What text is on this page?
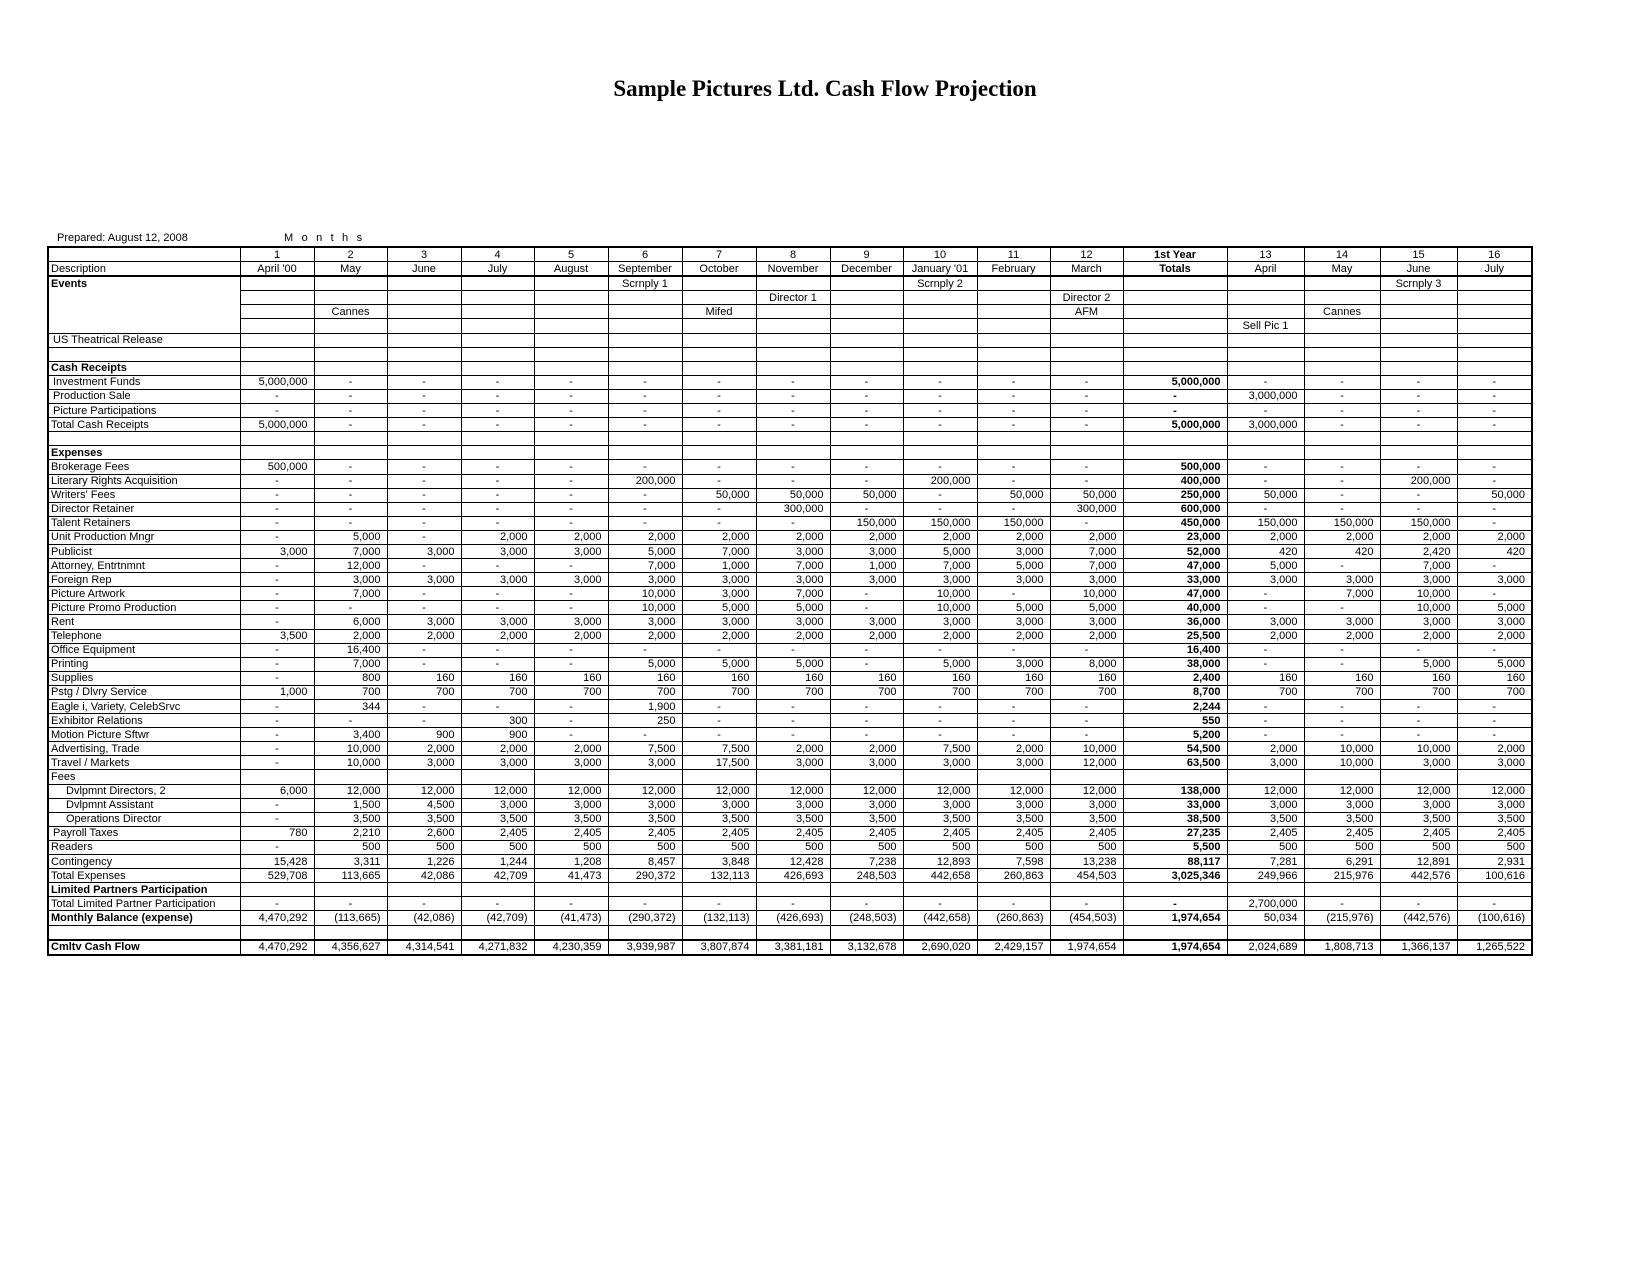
Sample Pictures Ltd. Cash Flow Projection
Prepared: August 12, 2008	Months
	1	2	3	4	5	6	7	8	9	10	11	12	1st Year	13	14	15	16
Description	April '00	May	June	July	August	September	October	November	December	January '01	February	March	Totals	April	May	June	July
Events						Scrnply 1				Scrnply 2						Scrnply 3	
								Director 1				Director 2					
		Cannes					Mifed					AFM			Cannes		
														Sell Pic 1			
US Theatrical Release																	

Cash Receipts																	
Investment Funds	5,000,000	-	-	-	-	-	-	-	-	-	-	-	5,000,000	-	-	-	-
Production Sale	-	-	-	-	-	-	-	-	-	-	-	-	-	3,000,000	-	-	-
Picture Participations	-	-	-	-	-	-	-	-	-	-	-	-	-	-	-	-	-
Total Cash Receipts	5,000,000	-	-	-	-	-	-	-	-	-	-	-	5,000,000	3,000,000	-	-	-

Expenses																	
Brokerage Fees	500,000	-	-	-	-	-	-	-	-	-	-	-	500,000	-	-	-	-
Literary Rights Acquisition	-	-	-	-	-	200,000	-	-	-	200,000	-	-	400,000	-	-	200,000	-
Writers' Fees	-	-	-	-	-	-	50,000	50,000	50,000	-	50,000	50,000	250,000	50,000	-	-	50,000
Director Retainer	-	-	-	-	-	-	-	300,000	-	-	-	300,000	600,000	-	-	-	-
Talent Retainers	-	-	-	-	-	-	-	-	150,000	150,000	150,000	-	450,000	150,000	150,000	150,000	-
Unit Production Mngr	-	5,000	-	2,000	2,000	2,000	2,000	2,000	2,000	2,000	2,000	2,000	23,000	2,000	2,000	2,000	2,000
Publicist	3,000	7,000	3,000	3,000	3,000	5,000	7,000	3,000	3,000	5,000	3,000	7,000	52,000	420	420	2,420	420
Attorney, Entrtnmnt	-	12,000	-	-	-	7,000	1,000	7,000	1,000	7,000	5,000	7,000	47,000	5,000	-	7,000	-
Foreign Rep	-	3,000	3,000	3,000	3,000	3,000	3,000	3,000	3,000	3,000	3,000	3,000	33,000	3,000	3,000	3,000	3,000
Picture Artwork	-	7,000	-	-	-	10,000	3,000	7,000	-	10,000	-	10,000	47,000	-	7,000	10,000	-
Picture Promo Production	-	-	-	-	-	10,000	5,000	5,000	-	10,000	5,000	5,000	40,000	-	-	10,000	5,000
Rent	-	6,000	3,000	3,000	3,000	3,000	3,000	3,000	3,000	3,000	3,000	3,000	36,000	3,000	3,000	3,000	3,000
Telephone	3,500	2,000	2,000	2,000	2,000	2,000	2,000	2,000	2,000	2,000	2,000	2,000	25,500	2,000	2,000	2,000	2,000
Office Equipment	-	16,400	-	-	-	-	-	-	-	-	-	-	16,400	-	-	-	-
Printing	-	7,000	-	-	-	5,000	5,000	5,000	-	5,000	3,000	8,000	38,000	-	-	5,000	5,000
Supplies	-	800	160	160	160	160	160	160	160	160	160	160	2,400	160	160	160	160
Pstg / Dlvry Service	1,000	700	700	700	700	700	700	700	700	700	700	700	8,700	700	700	700	700
Eagle i, Variety, CelebSrvc	-	344	-	-	-	1,900	-	-	-	-	-	-	2,244	-	-	-	-
Exhibitor Relations	-	-	-	300	-	250	-	-	-	-	-	-	550	-	-	-	-
Motion Picture Sftwr	-	3,400	900	900	-	-	-	-	-	-	-	-	5,200	-	-	-	-
Advertising, Trade	-	10,000	2,000	2,000	2,000	7,500	7,500	2,000	2,000	7,500	2,000	10,000	54,500	2,000	10,000	10,000	2,000
Travel / Markets	-	10,000	3,000	3,000	3,000	3,000	17,500	3,000	3,000	3,000	3,000	12,000	63,500	3,000	10,000	3,000	3,000
Fees																	
Dvlpmnt Directors, 2	6,000	12,000	12,000	12,000	12,000	12,000	12,000	12,000	12,000	12,000	12,000	12,000	138,000	12,000	12,000	12,000	12,000
Dvlpmnt Assistant	-	1,500	4,500	3,000	3,000	3,000	3,000	3,000	3,000	3,000	3,000	3,000	33,000	3,000	3,000	3,000	3,000
Operations Director	-	3,500	3,500	3,500	3,500	3,500	3,500	3,500	3,500	3,500	3,500	3,500	38,500	3,500	3,500	3,500	3,500
Payroll Taxes	780	2,210	2,600	2,405	2,405	2,405	2,405	2,405	2,405	2,405	2,405	2,405	27,235	2,405	2,405	2,405	2,405
Readers	-	500	500	500	500	500	500	500	500	500	500	500	5,500	500	500	500	500
Contingency	15,428	3,311	1,226	1,244	1,208	8,457	3,848	12,428	7,238	12,893	7,598	13,238	88,117	7,281	6,291	12,891	2,931
Total Expenses	529,708	113,665	42,086	42,709	41,473	290,372	132,113	426,693	248,503	442,658	260,863	454,503	3,025,346	249,966	215,976	442,576	100,616
Limited Partners Participation																	
Total Limited Partner Participation	-	-	-	-	-	-	-	-	-	-	-	-	-	2,700,000	-	-	-
Monthly Balance (expense)	4,470,292	(113,665)	(42,086)	(42,709)	(41,473)	(290,372)	(132,113)	(426,693)	(248,503)	(442,658)	(260,863)	(454,503)	1,974,654	50,034	(215,976)	(442,576)	(100,616)

Cmltv Cash Flow	4,470,292	4,356,627	4,314,541	4,271,832	4,230,359	3,939,987	3,807,874	3,381,181	3,132,678	2,690,020	2,429,157	1,974,654	1,974,654	2,024,689	1,808,713	1,366,137	1,265,522
